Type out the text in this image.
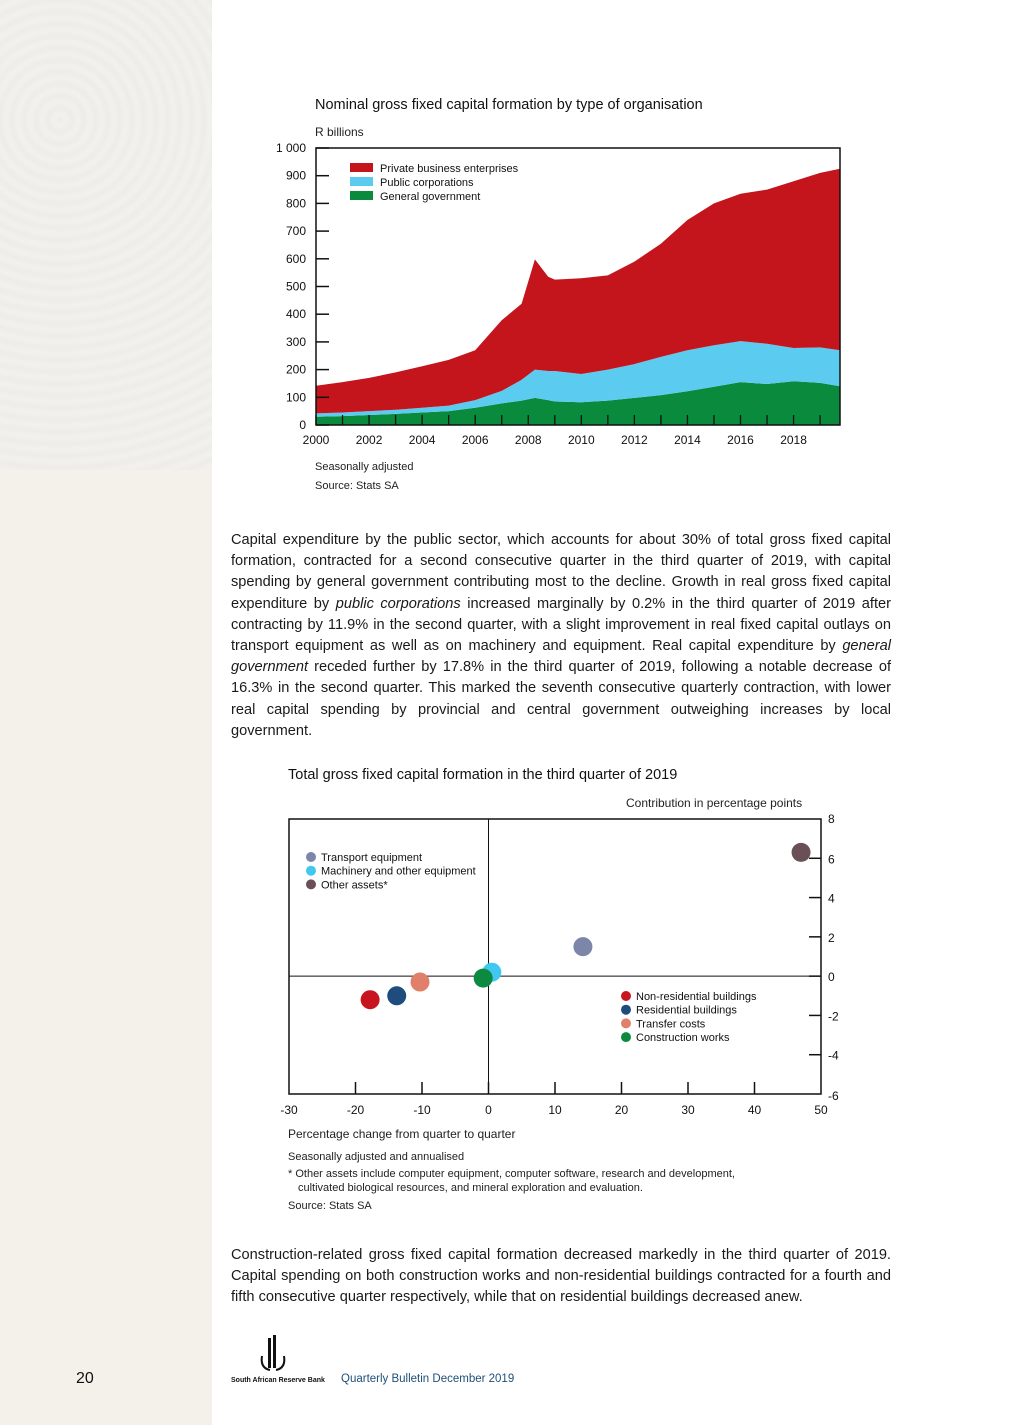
Nominal gross fixed capital formation by type of organisation
R billions
0
100
200
300
400
500
600
700
800
900
1 000
2000 2002 2004 2006 2008 2010 2012 2014 2016 2018
Private business enterprises
Public corporations
General government
Seasonally adjusted
Source: Stats SA
Capital expenditure by the public sector, which accounts for about 30% of total gross fixed capital formation, contracted for a second consecutive quarter in the third quarter of 2019, with capital spending by general government contributing most to the decline. Growth in real gross fixed capital expenditure by public corporations increased marginally by 0.2% in the third quarter of 2019 after contracting by 11.9% in the second quarter, with a slight improvement in real fixed capital outlays on transport equipment as well as on machinery and equipment. Real capital expenditure by general government receded further by 17.8% in the third quarter of 2019, following a notable decrease of 16.3% in the second quarter. This marked the seventh consecutive quarterly contraction, with lower real capital spending by provincial and central government outweighing increases by local government.
Total gross fixed capital formation in the third quarter of 2019
Contribution in percentage points
-30	-20	-10	0	10	20	30	40	50
-6
-4
-2
0
2
4
6
8
Transport equipment
Machinery and other equipment
Other assets*
Non-residential buildings
Residential buildings
Transfer costs
Construction works
Percentage change from quarter to quarter
Seasonally adjusted and annualised
* Other assets include computer equipment, computer software, research and development,
cultivated biological resources, and mineral exploration and evaluation.
Source: Stats SA
Construction-related gross fixed capital formation decreased markedly in the third quarter of 2019. Capital spending on both construction works and non-residential buildings contracted for a fourth and fifth consecutive quarter respectively, while that on residential buildings decreased anew.
20	South African Reserve Bank Quarterly Bulletin December 2019
